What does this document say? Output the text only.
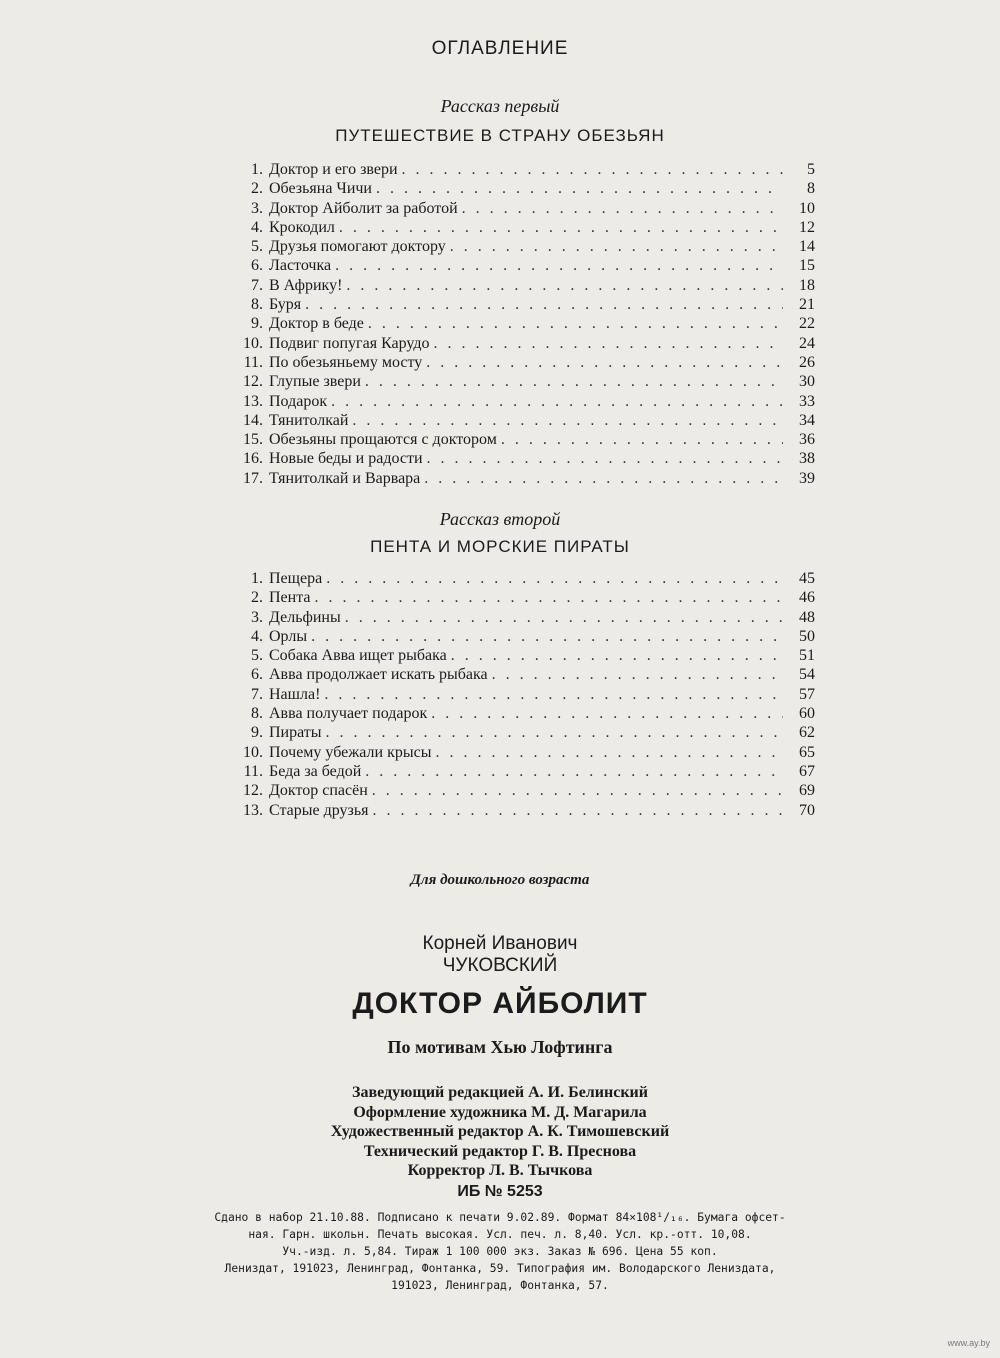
ОГЛАВЛЕНИЕ
Рассказ первый
ПУТЕШЕСТВИЕ В СТРАНУ ОБЕЗЬЯН
1. Доктор и его звери . . .	5
2. Обезьяна Чичи . . .	8
3. Доктор Айболит за работой . . .	10
4. Крокодил . . .	12
5. Друзья помогают доктору . . .	14
6. Ласточка . . .	15
7. В Африку! . . .	18
8. Буря . . .	21
9. Доктор в беде . . .	22
10. Подвиг попугая Карудо . . .	24
11. По обезьяньему мосту . . .	26
12. Глупые звери . . .	30
13. Подарок . . .	33
14. Тянитолкай . . .	34
15. Обезьяны прощаются с доктором . . .	36
16. Новые беды и радости . . .	38
17. Тянитолкай и Варвара . . .	39
Рассказ второй
ПЕНТА И МОРСКИЕ ПИРАТЫ
1. Пещера . . .	45
2. Пента . . .	46
3. Дельфины . . .	48
4. Орлы . . .	50
5. Собака Авва ищет рыбака . . .	51
6. Авва продолжает искать рыбака . . .	54
7. Нашла! . . .	57
8. Авва получает подарок . . .	60
9. Пираты . . .	62
10. Почему убежали крысы . . .	65
11. Беда за бедой . . .	67
12. Доктор спасён . . .	69
13. Старые друзья . . .	70
Для дошкольного возраста
Корней Иванович
ЧУКОВСКИЙ
ДОКТОР АЙБОЛИТ
По мотивам Хью Лофтинга
Заведующий редакцией А. И. Белинский
Оформление художника М. Д. Магарила
Художественный редактор А. К. Тимошевский
Технический редактор Г. В. Преснова
Корректор Л. В. Тычкова
ИБ № 5253
Сдано в набор 21.10.88. Подписано к печати 9.02.89. Формат 84×108¹/₁₆. Бумага офсет-
ная. Гарн. школьн. Печать высокая. Усл. печ. л. 8,40. Усл. кр.-отт. 10,08.
Уч.-изд. л. 5,84. Тираж 1 100 000 экз. Заказ № 696. Цена 55 коп.
Лениздат, 191023, Ленинград, Фонтанка, 59. Типография им. Володарского Лениздата,
191023, Ленинград, Фонтанка, 57.
www.ay.by
